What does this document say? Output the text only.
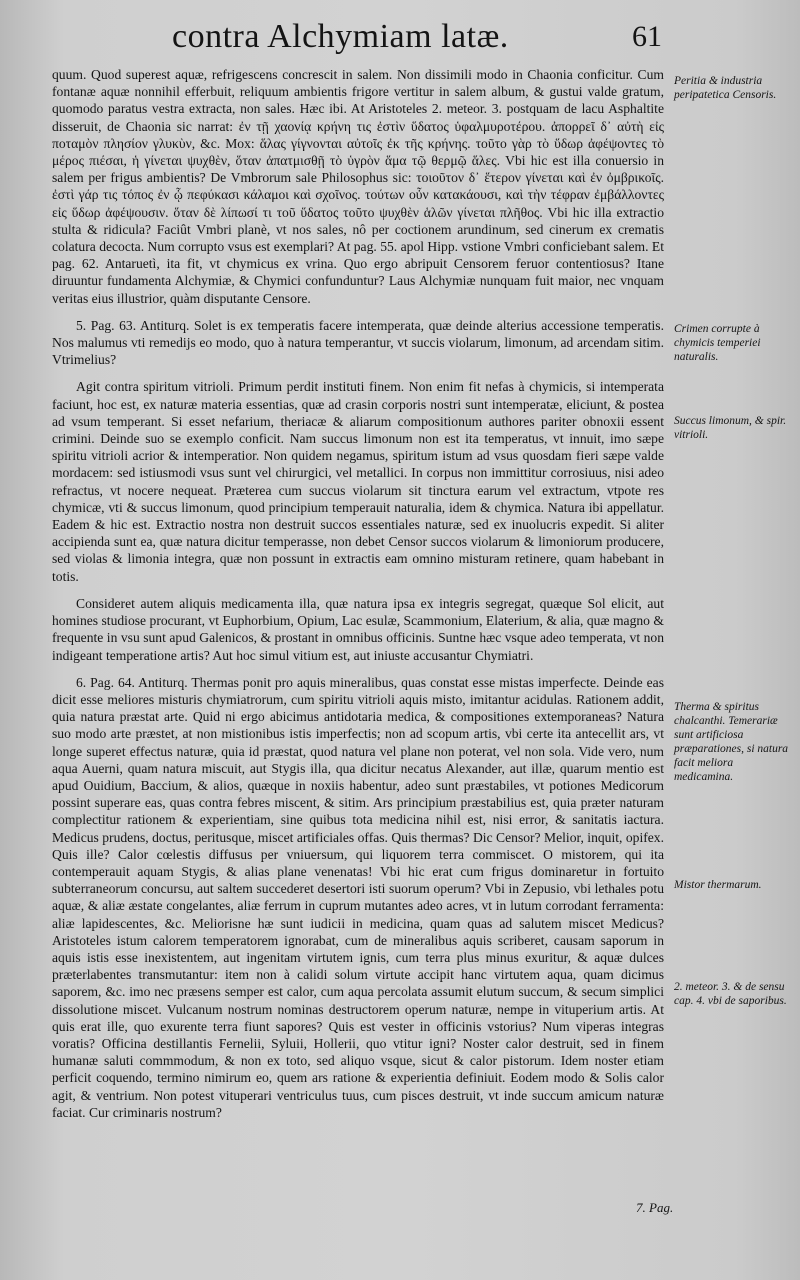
contra Alchymiam latæ.	61

quum. Quod superest aquæ, refrigescens concrescit in salem. Non dissimili modo in Chaonia conficitur. Cum fontanæ aquæ nonnihil efferbuit, reliquum ambientis frigore vertitur in salem album, & gustui valde gratum, quomodo paratus vestra extracta, non sales. Hæc ibi. At Aristoteles 2. meteor. 3. postquam de lacu Asphaltite disseruit, de Chaonia sic narrat: ἐν τῇ χαονίᾳ κρήνη τις ἐστὶν ὕδατος ὑφαλμυροτέρου. ἀπορρεῖ δ᾽ αὐτὴ εἰς ποταμὸν πλησίον γλυκὺν, &c. Mox: ἅλας γίγνονται αὐτοῖς ἐκ τῆς κρήνης. τοῦτο γὰρ τὸ ὕδωρ ἀφέψοντες τὸ μέρος πιέσαι, ἡ γίνεται ψυχθὲν, ὅταν ἀπατμισθῇ τὸ ὑγρὸν ἅμα τῷ θερμῷ ἅλες. Vbi hic est illa conuersio in salem per frigus ambientis? De Vmbrorum sale Philosophus sic: τοιοῦτον δ᾽ ἕτερον γίνεται καὶ ἐν ὀμβρικοῖς. ἐστὶ γάρ τις τόπος ἐν ᾧ πεφύκασι κάλαμοι καὶ σχοῖνος. τούτων οὖν κατακάουσι, καὶ τὴν τέφραν ἐμβάλλοντες εἰς ὕδωρ ἀφέψουσιν. ὅταν δὲ λίπωσί τι τοῦ ὕδατος τοῦτο ψυχθὲν ἁλῶν γίνεται πλῆθος. Vbi hic illa extractio stulta & ridicula? Faciût Vmbri planè, vt nos sales, nô per coctionem arundinum, sed cinerum ex crematis colatura decocta. Num corrupto vsus est exemplari? At pag. 55. apol Hipp. vstione Vmbri conficiebant salem. Et pag. 62. Antaruetì, ita fit, vt chymicus ex vrina. Quo ergo abripuit Censorem feruor contentiosus? Itane diruuntur fundamenta Alchymiæ, & Chymici confunduntur? Laus Alchymiæ nunquam fuit maior, nec vnquam veritas eius illustrior, quàm disputante Censore.

5. Pag. 63. Antiturq. Solet is ex temperatis facere intemperata, quæ deinde alterius accessione temperatis. Nos malumus vti remedijs eo modo, quo à natura temperantur, vt succis violarum, limonum, ad arcendam sitim. Vtrimelius?

Agit contra spiritum vitrioli. Primum perdit instituti finem. Non enim fit nefas à chymicis, si intemperata faciunt, hoc est, ex naturæ materia essentias, quæ ad crasin corporis nostri sunt intemperatæ, eliciunt, & postea ad vsum temperant. Si esset nefarium, theriacæ & aliarum compositionum authores pariter obnoxii essent crimini. Deinde suo se exemplo conficit. Nam succus limonum non est ita temperatus, vt innuit, imo sæpe spiritu vitrioli acrior & intemperatior. Non quidem negamus, spiritum istum ad vsus quosdam fieri sæpe valde mordacem: sed istiusmodi vsus sunt vel chirurgici, vel metallici. In corpus non immittitur corrosiuus, nisi adeo refractus, vt nocere nequeat. Præterea cum succus violarum sit tinctura earum vel extractum, vtpote res chymicæ, vti & succus limonum, quod principium temperauit naturalia, idem & chymica. Natura ibi appellatur. Eadem & hic est. Extractio nostra non destruit succos essentiales naturæ, sed ex inuolucris expedit. Si aliter accipienda sunt ea, quæ natura dicitur temperasse, non debet Censor succos violarum & limoniorum producere, sed violas & limonia integra, quæ non possunt in extractis eam omnino misturam retinere, quam habebant in totis.

Consideret autem aliquis medicamenta illa, quæ natura ipsa ex integris segregat, quæque Sol elicit, aut homines studiose procurant, vt Euphorbium, Opium, Lac esulæ, Scammonium, Elaterium, & alia, quæ magno & frequente in vsu sunt apud Galenicos, & prostant in omnibus officinis. Suntne hæc vsque adeo temperata, vt non indigeant temperatione artis? Aut hoc simul vitium est, aut iniuste accusantur Chymiatri.

6. Pag. 64. Antiturq. Thermas ponit pro aquis mineralibus, quas constat esse mistas imperfecte. Deinde eas dicit esse meliores misturis chymiatrorum, cum spiritu vitrioli aquis misto, imitantur acidulas. Rationem addit, quia natura præstat arte. Quid ni ergo abicimus antidotaria medica, & compositiones extemporaneas? Natura suo modo arte præstet, at non mistionibus istis imperfectis; non ad scopum artis, vbi certe ita antecellit ars, vt longe superet effectus naturæ, quia id præstat, quod natura vel plane non poterat, vel non sola. Vide vero, num aqua Auerni, quam natura miscuit, aut Stygis illa, qua dicitur necatus Alexander, aut illæ, quarum mentio est apud Ouidium, Baccium, & alios, quæque in noxiis habentur, adeo sunt præstabiles, vt potiones Medicorum possint superare eas, quas contra febres miscent, & sitim. Ars principium præstabilius est, quia præter naturam complectitur rationem & experientiam, sine quibus tota medicina nihil est, nisi error, & sanitatis iactura. Medicus prudens, doctus, peritusque, miscet artificiales offas. Quis thermas? Dic Censor? Melior, inquit, opifex. Quis ille? Calor cœlestis diffusus per vniuersum, qui liquorem terra commiscet. O mistorem, qui ita contemperauit aquam Stygis, & alias plane venenatas! Vbi hic erat cum frigus dominaretur in fortuito subterraneorum concursu, aut saltem succederet desertori isti suorum operum? Vbi in Zepusio, vbi lethales potu aquæ, & aliæ æstate congelantes, aliæ ferrum in cuprum mutantes adeo acres, vt in lutum corrodant ferramenta: aliæ lapidescentes, &c. Meliorisne hæ sunt iudicii in medicina, quam quas ad salutem miscet Medicus? Aristoteles istum calorem temperatorem ignorabat, cum de mineralibus aquis scriberet, causam saporum in aquis istis esse inexistentem, aut ingenitam virtutem ignis, cum terra plus minus exuritur, & aquæ dulces præterlabentes transmutantur: item non à calidi solum virtute accipit hanc virtutem aqua, quam dicimus saporem, &c. imo nec præsens semper est calor, cum aqua percolata assumit elutum succum, & secum simplici dissolutione miscet. Vulcanum nostrum nominas destructorem operum naturæ, nempe in vituperium artis. At quis erat ille, quo exurente terra fiunt sapores? Quis est vester in officinis vstorius? Num viperas integras voratis? Officina destillantis Fernelii, Syluii, Hollerii, quo vtitur igni? Noster calor destruit, sed in finem humanæ saluti commmodum, & non ex toto, sed aliquo vsque, sicut & calor pistorum. Idem noster etiam perficit coquendo, termino nimirum eo, quem ars ratione & experientia definiuit. Eodem modo & Solis calor agit, & ventrium. Non potest vituperari ventriculus tuus, cum pisces destruit, vt inde succum amicum naturæ faciat. Cur criminaris nostrum?

Peritia & industria peripatetica Censoris.
Crimen corrupte à chymicis temperiei naturalis.
Succus limonum, & spir. vitrioli.
Therma & spiritus chalcanthi. Temerariæ sunt artificiosa præparationes, si natura facit meliora medicamina.
Mistor thermarum.
2. meteor. 3. & de sensu cap. 4. vbi de saporibus.
7. Pag.
